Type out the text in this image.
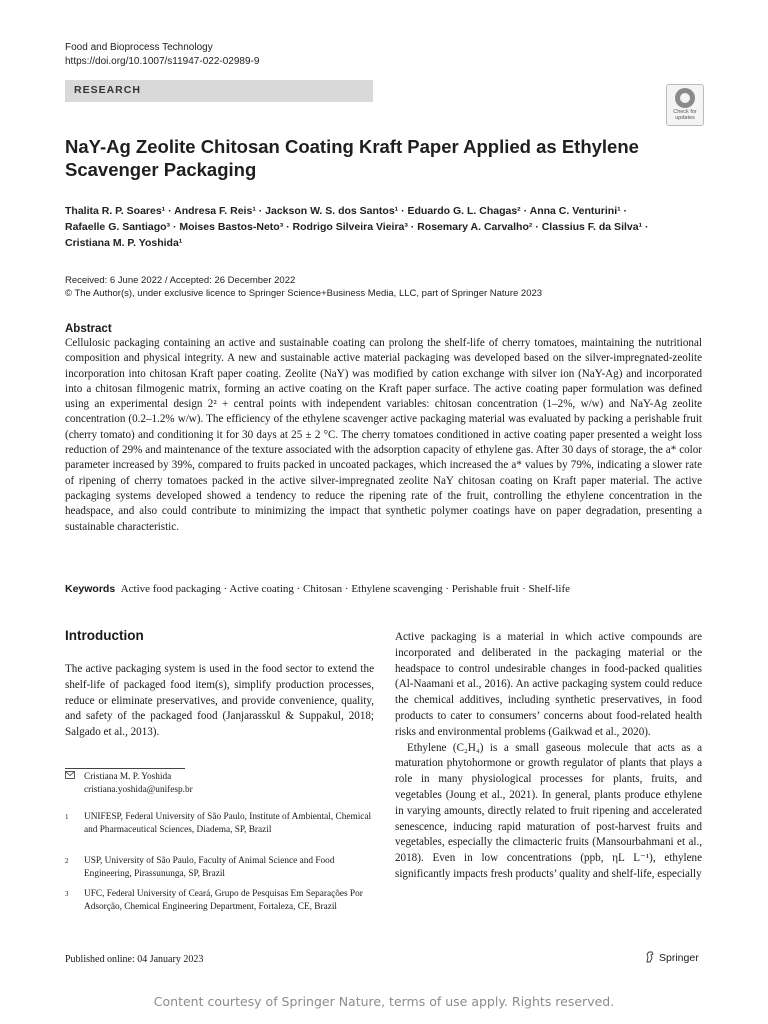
Food and Bioprocess Technology
https://doi.org/10.1007/s11947-022-02989-9
RESEARCH
Check for
updates
NaY-Ag Zeolite Chitosan Coating Kraft Paper Applied as Ethylene
Scavenger Packaging
Thalita R. P. Soares¹ · Andresa F. Reis¹ · Jackson W. S. dos Santos¹ · Eduardo G. L. Chagas² · Anna C. Venturini¹ ·
Rafaelle G. Santiago³ · Moises Bastos-Neto³ · Rodrigo Silveira Vieira³ · Rosemary A. Carvalho² · Classius F. da Silva¹ ·
Cristiana M. P. Yoshida¹
Received: 6 June 2022 / Accepted: 26 December 2022
© The Author(s), under exclusive licence to Springer Science+Business Media, LLC, part of Springer Nature 2023
Abstract
Cellulosic packaging containing an active and sustainable coating can prolong the shelf-life of cherry tomatoes, maintaining the nutritional composition and physical integrity. A new and sustainable active material packaging was developed based on the silver-impregnated-zeolite incorporation into chitosan Kraft paper coating. Zeolite (NaY) was modified by cation exchange with silver ion (NaY-Ag) and incorporated into a chitosan filmogenic matrix, forming an active coating on the Kraft paper surface. The active coating paper formulation was defined using an experimental design 2² + central points with independent variables: chitosan concentration (1–2%, w/w) and NaY-Ag zeolite concentration (0.2–1.2% w/w). The efficiency of the ethylene scavenger active packaging material was evaluated by packing a perishable fruit (cherry tomato) and conditioning it for 30 days at 25 ± 2 °C. The cherry tomatoes conditioned in active coating paper presented a weight loss reduction of 29% and maintenance of the texture associated with the adsorption capacity of ethylene gas. After 30 days of storage, the a* color parameter increased by 39%, compared to fruits packed in uncoated packages, which increased the a* values by 79%, indicating a slower rate of ripening of cherry tomatoes packed in the active silver-impregnated zeolite NaY chitosan coating on Kraft paper material. The active packaging systems developed showed a tendency to reduce the ripening rate of the fruit, controlling the ethylene concentration in the headspace, and also could contribute to minimizing the impact that synthetic polymer coatings have on paper degradation, presenting a sustainable characteristic.
Keywords Active food packaging · Active coating · Chitosan · Ethylene scavenging · Perishable fruit · Shelf-life
Introduction
The active packaging system is used in the food sector to extend the shelf-life of packaged food item(s), simplify production processes, reduce or eliminate preservatives, and provide convenience, quality, and safety of the packaged food (Janjarasskul & Suppakul, 2018; Salgado et al., 2013).

Active packaging is a material in which active compounds are incorporated and deliberated in the packaging material or the headspace to control undesirable changes in food-packed qualities (Al-Naamani et al., 2016). An active packaging system could reduce the chemical additives, including synthetic preservatives, in food products to cater to consumers’ concerns about food-related health risks and environmental problems (Gaikwad et al., 2020).

Ethylene (C₂H₄) is a small gaseous molecule that acts as a maturation phytohormone or growth regulator of plants that plays a role in many physiological processes for plants, fruits, and vegetables (Joung et al., 2021). In general, plants produce ethylene in varying amounts, directly related to fruit ripening and accelerated senescence, inducing rapid maturation of post-harvest fruits and vegetables, especially the climacteric fruits (Mansourbahmani et al., 2018). Even in low concentrations (ppb, ηL L⁻¹), ethylene significantly impacts fresh products’ quality and shelf-life, especially

Cristiana M. P. Yoshida
cristiana.yoshida@unifesp.br
1 UNIFESP, Federal University of São Paulo, Institute of Ambiental, Chemical and Pharmaceutical Sciences, Diadema, SP, Brazil
2 USP, University of São Paulo, Faculty of Animal Science and Food Engineering, Pirassununga, SP, Brazil
3 UFC, Federal University of Ceará, Grupo de Pesquisas Em Separações Por Adsorção, Chemical Engineering Department, Fortaleza, CE, Brazil
Published online: 04 January 2023	Springer
Content courtesy of Springer Nature, terms of use apply. Rights reserved.
